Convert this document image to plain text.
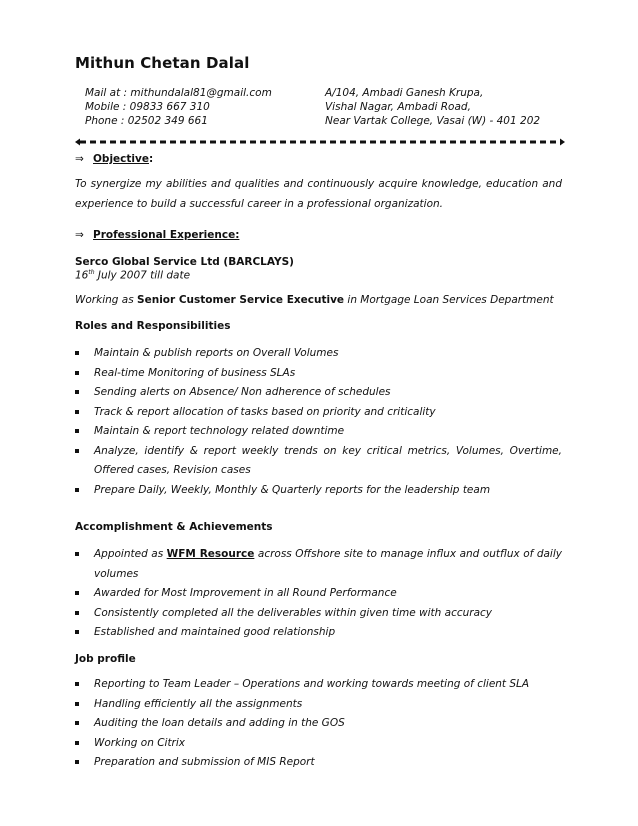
Mithun Chetan Dalal
Mail at : mithundalal81@gmail.com
Mobile : 09833 667 310
Phone : 02502 349 661
A/104, Ambadi Ganesh Krupa,
Vishal Nagar, Ambadi Road,
Near Vartak College, Vasai (W) - 401 202
⇒ Objective:
To synergize my abilities and qualities and continuously acquire knowledge, education and experience to build a successful career in a professional organization.
⇒ Professional Experience:
Serco Global Service Ltd (BARCLAYS)
16th July 2007 till date
Working as Senior Customer Service Executive in Mortgage Loan Services Department
Roles and Responsibilities
Maintain & publish reports on Overall Volumes
Real-time Monitoring of business SLAs
Sending alerts on Absence/ Non adherence of schedules
Track & report allocation of tasks based on priority and criticality
Maintain & report technology related downtime
Analyze, identify & report weekly trends on key critical metrics, Volumes, Overtime, Offered cases, Revision cases
Prepare Daily, Weekly, Monthly & Quarterly reports for the leadership team
Accomplishment & Achievements
Appointed as WFM Resource across Offshore site to manage influx and outflux of daily volumes
Awarded for Most Improvement in all Round Performance
Consistently completed all the deliverables within given time with accuracy
Established and maintained good relationship
Job profile
Reporting to Team Leader – Operations and working towards meeting of client SLA
Handling efficiently all the assignments
Auditing the loan details and adding in the GOS
Working on Citrix
Preparation and submission of MIS Report
